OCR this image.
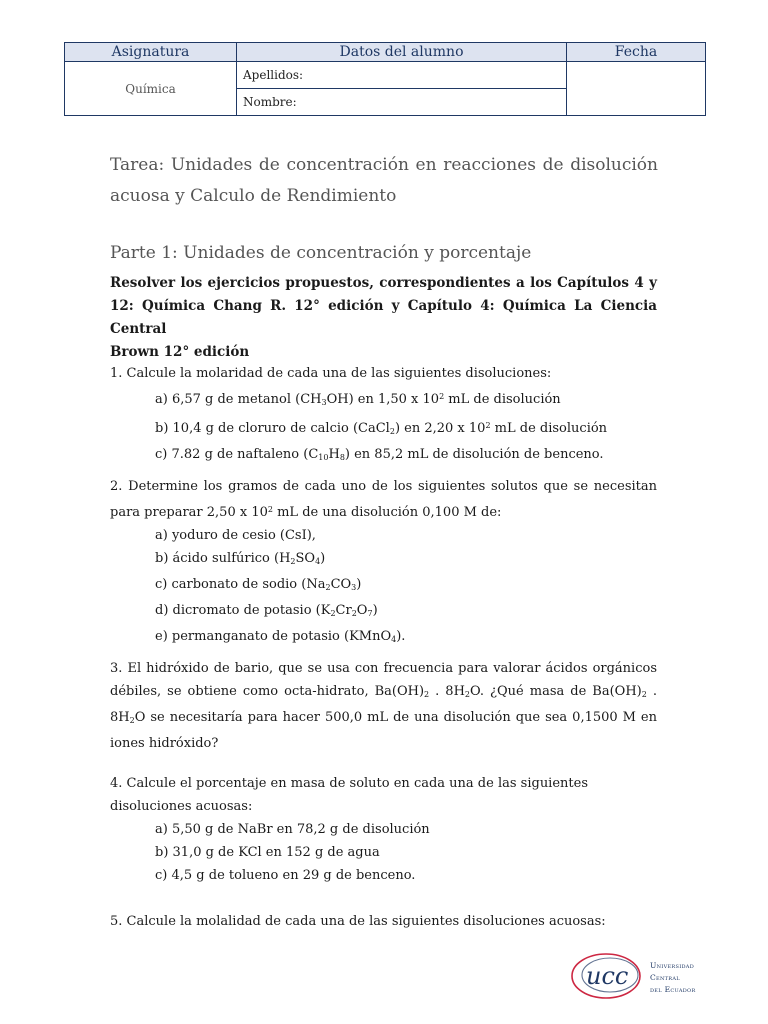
Asignatura	Datos del alumno	Fecha
Química	Apellidos:	
	Nombre:	
Tarea: Unidades de concentración en reacciones de disolución acuosa y Calculo de Rendimiento
Parte 1: Unidades de concentración y porcentaje
Resolver los ejercicios propuestos, correspondientes a los Capítulos 4 y 12: Química Chang R. 12° edición y Capítulo 4: Química La Ciencia Central
Brown 12° edición
1. Calcule la molaridad de cada una de las siguientes disoluciones:
a) 6,57 g de metanol $(CH_3OH)$ en 1,50 x $10^2$ mL de disolución
b) 10,4 g de cloruro de calcio (CaCl$_2$) en 2,20 x $10^2$ mL de disolución
c) 7.82 g de naftaleno $(C_{10}H_8)$ en 85,2 mL de disolución de benceno.
2. Determine los gramos de cada uno de los siguientes solutos que se necesitan para preparar 2,50 x $10^2$ mL de una disolución 0,100 M de:
a) yoduro de cesio (CsI),
b) ácido sulfúrico $(H_2SO_4)$
c) carbonato de sodio $(Na_2CO_3)$
d) dicromato de potasio $(K_2Cr_2O_7)$
e) permanganato de potasio (KMnO$_4$).
3. El hidróxido de bario, que se usa con frecuencia para valorar ácidos orgánicos débiles, se obtiene como octa-hidrato, $Ba(OH)_2$ . $8H_2O$. ¿Qué masa de $Ba(OH)_2$ . $8H_2O$ se necesitaría para hacer 500,0 mL de una disolución que sea 0,1500 M en iones hidróxido?
4. Calcule el porcentaje en masa de soluto en cada una de las siguientes disoluciones acuosas:
a) 5,50 g de NaBr en 78,2 g de disolución
b) 31,0 g de KCl en 152 g de agua
c) 4,5 g de tolueno en 29 g de benceno.
5. Calcule la molalidad de cada una de las siguientes disoluciones acuosas:
ucc	Universidad
Central
del Ecuador
